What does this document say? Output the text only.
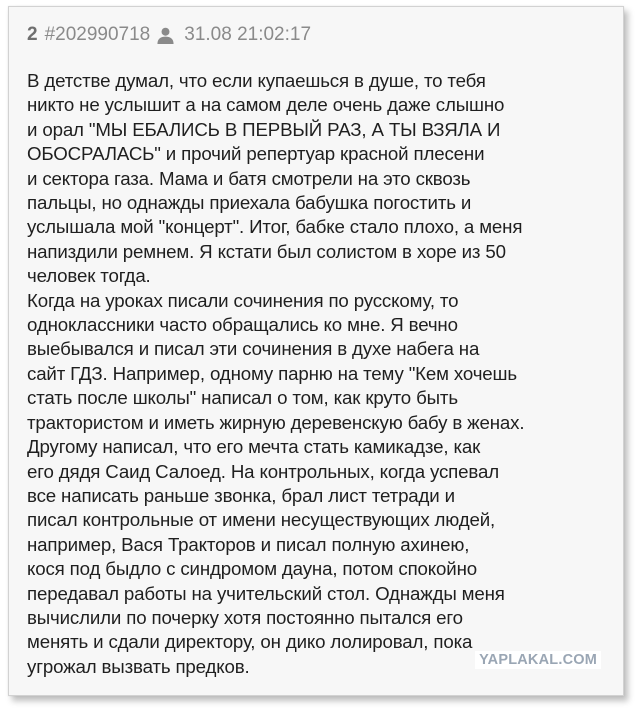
2 #202990718 31.08 21:02:17
В детстве думал, что если купаешься в душе, то тебя
никто не услышит а на самом деле очень даже слышно
и орал "МЫ ЕБАЛИСЬ В ПЕРВЫЙ РАЗ, А ТЫ ВЗЯЛА И
ОБОСРАЛАСЬ" и прочий репертуар красной плесени
и сектора газа. Мама и батя смотрели на это сквозь
пальцы, но однажды приехала бабушка погостить и
услышала мой "концерт". Итог, бабке стало плохо, а меня
напиздили ремнем. Я кстати был солистом в хоре из 50
человек тогда.
Когда на уроках писали сочинения по русскому, то
одноклассники часто обращались ко мне. Я вечно
выебывался и писал эти сочинения в духе набега на
сайт ГДЗ. Например, одному парню на тему "Кем хочешь
стать после школы" написал о том, как круто быть
трактористом и иметь жирную деревенскую бабу в женах.
Другому написал, что его мечта стать камикадзе, как
его дядя Саид Салоед. На контрольных, когда успевал
все написать раньше звонка, брал лист тетради и
писал контрольные от имени несуществующих людей,
например, Вася Тракторов и писал полную ахинею,
кося под быдло с синдромом дауна, потом спокойно
передавал работы на учительский стол. Однажды меня
вычислили по почерку хотя постоянно пытался его
менять и сдали директору, он дико лолировал, пока
угрожал вызвать предков.	YAPLAKAL.COM
